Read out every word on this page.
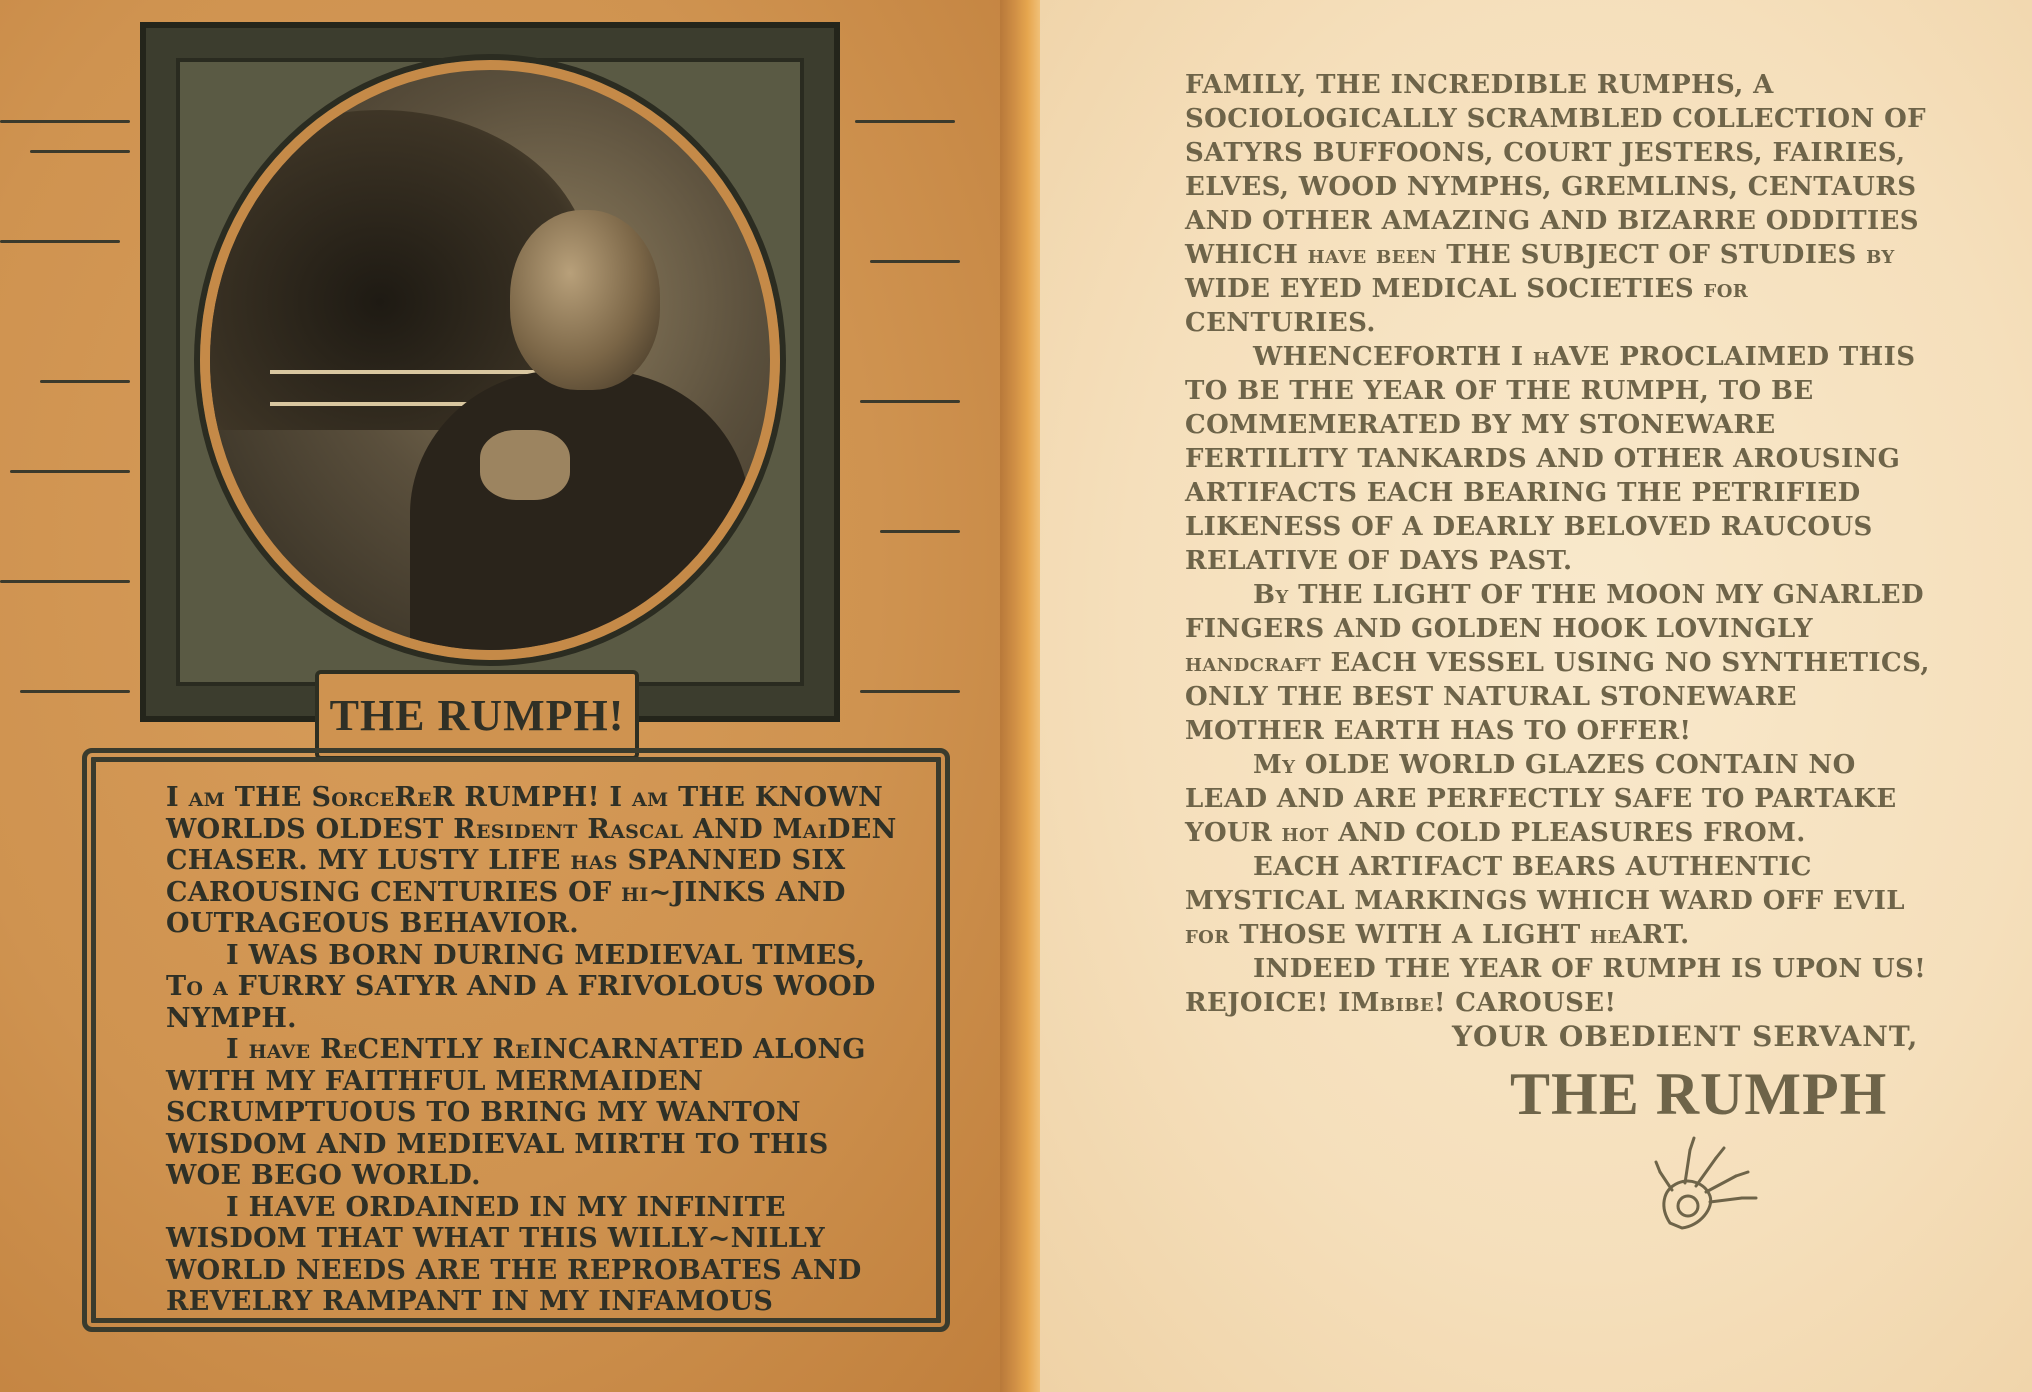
THE RUMPH!

I am THE SorceReR RUMPH! I am THE KNOWN WORLDS OLDEST Resident Rascal AND MaiDEN CHASER. MY LUSTY LIFE has SPANNED SIX CAROUSING CENTURIES OF hi~JINKS AND OUTRAGEOUS BEHAVIOR.

I WAS BORN DURING MEDIEVAL TIMES, To a FURRY SATYR AND A FRIVOLOUS WOOD NYMPH.

I have ReCENTLY ReINCARNATED ALONG WITH MY FAITHFUL MERMAIDEN SCRUMPTUOUS TO BRING MY WANTON WISDOM AND MEDIEVAL MIRTH TO THIS WOE BEGO WORLD.

I HAVE ORDAINED IN MY INFINITE WISDOM THAT WHAT THIS WILLY~NILLY WORLD NEEDS ARE THE REPROBATES AND REVELRY RAMPANT IN MY INFAMOUS

FAMILY, THE INCREDIBLE RUMPHS, A SOCIOLOGICALLY SCRAMBLED COLLECTION OF SATYRS BUFFOONS, COURT JESTERS, FAIRIES, ELVES, WOOD NYMPHS, GREMLINS, CENTAURS AND OTHER AMAZING AND BIZARRE ODDITIES WHICH have been THE SUBJECT OF STUDIES by WIDE EYED MEDICAL SOCIETIES for CENTURIES.

WHENCEFORTH I hAVE PROCLAIMED THIS TO BE THE YEAR OF THE RUMPH, TO BE COMMEMERATED BY MY STONEWARE FERTILITY TANKARDS AND OTHER AROUSING ARTIFACTS EACH BEARING THE PETRIFIED LIKENESS OF A DEARLY BELOVED RAUCOUS RELATIVE OF DAYS PAST.

By THE LIGHT OF THE MOON MY GNARLED FINGERS AND GOLDEN HOOK LOVINGLY handcraft EACH VESSEL USING NO SYNTHETICS, ONLY THE BEST NATURAL STONEWARE MOTHER EARTH HAS TO OFFER!

My OLDE WORLD GLAZES CONTAIN NO LEAD AND ARE PERFECTLY SAFE TO PARTAKE YOUR hot AND COLD PLEASURES FROM.

EACH ARTIFACT BEARS AUTHENTIC MYSTICAL MARKINGS WHICH WARD OFF EVIL for THOSE WITH A LIGHT heART.

INDEED THE YEAR OF RUMPH IS UPON US! REJOICE! IMbibe! CAROUSE!

YOUR OBEDIENT SERVANT,
THE RUMPH
